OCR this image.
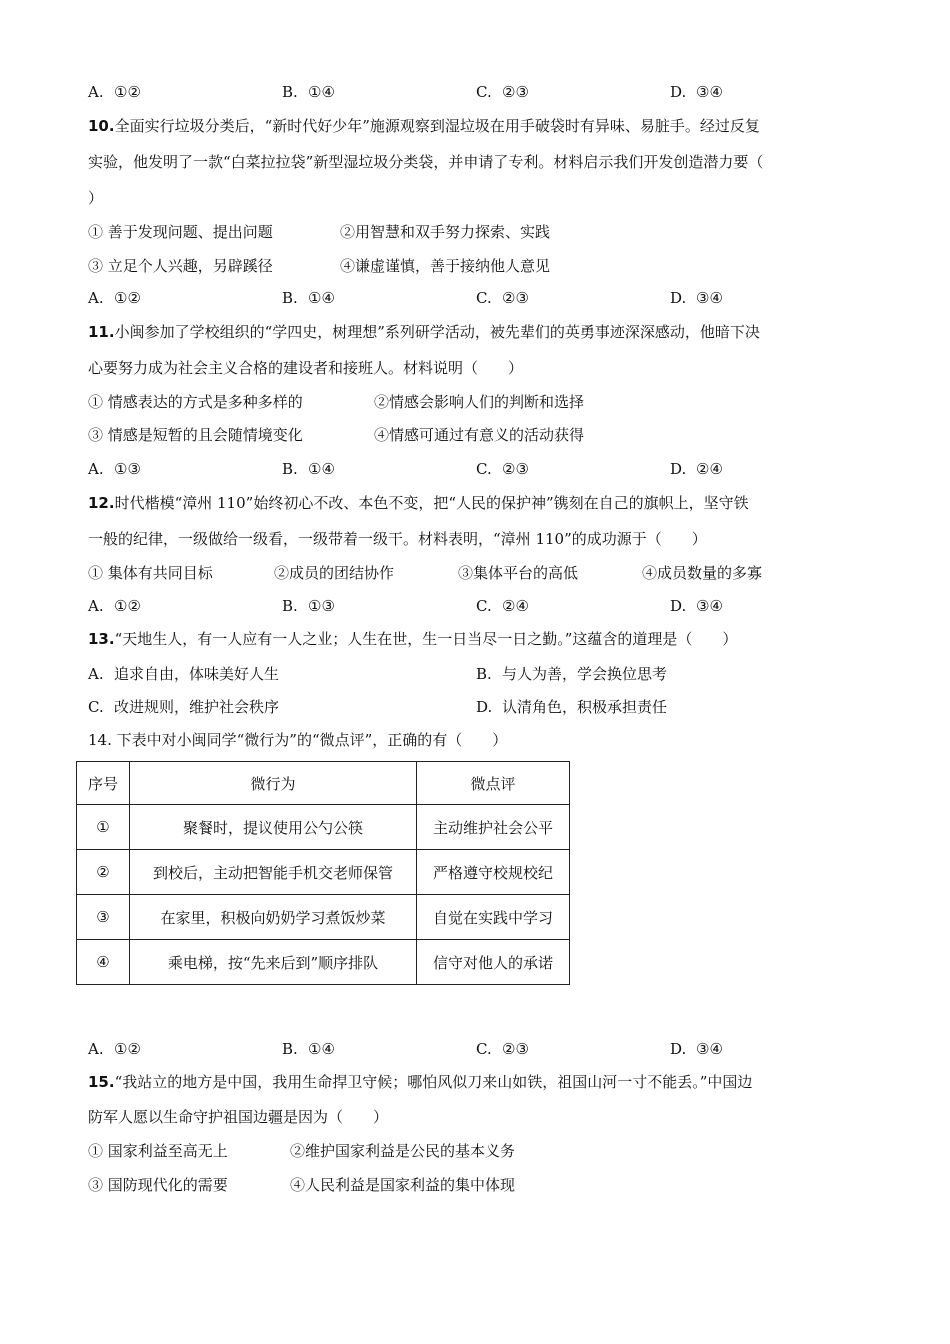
A. ①②	B. ①④	C. ②③	D. ③④
10.全面实行垃圾分类后，“新时代好少年”施源观察到湿垃圾在用手破袋时有异味、易脏手。经过反复
实验，他发明了一款“白菜拉拉袋”新型湿垃圾分类袋，并申请了专利。材料启示我们开发创造潜力要（
）
① 善于发现问题、提出问题	②用智慧和双手努力探索、实践
③ 立足个人兴趣，另辟蹊径	④谦虚谨慎，善于接纳他人意见
A. ①②	B. ①④	C. ②③	D. ③④
11.小闽参加了学校组织的“学四史，树理想”系列研学活动，被先辈们的英勇事迹深深感动，他暗下决
心要努力成为社会主义合格的建设者和接班人。材料说明（　　）
① 情感表达的方式是多种多样的	②情感会影响人们的判断和选择
③ 情感是短暂的且会随情境变化	④情感可通过有意义的活动获得
A. ①③	B. ①④	C. ②③	D. ②④
12.时代楷模“漳州 110”始终初心不改、本色不变，把“人民的保护神”镌刻在自己的旗帜上，坚守铁
一般的纪律，一级做给一级看，一级带着一级干。材料表明，“漳州 110”的成功源于（　　）
① 集体有共同目标	②成员的团结协作	③集体平台的高低	④成员数量的多寡
A. ①②	B. ①③	C. ②④	D. ③④
13.“天地生人，有一人应有一人之业；人生在世，生一日当尽一日之勤。”这蕴含的道理是（　　）
A. 追求自由，体味美好人生	B. 与人为善，学会换位思考
C. 改进规则，维护社会秩序	D. 认清角色，积极承担责任
14. 下表中对小闽同学“微行为”的“微点评”，正确的有（　　）
序号	微行为	微点评
①	聚餐时，提议使用公勺公筷	主动维护社会公平
②	到校后，主动把智能手机交老师保管	严格遵守校规校纪
③	在家里，积极向奶奶学习煮饭炒菜	自觉在实践中学习
④	乘电梯，按“先来后到”顺序排队	信守对他人的承诺
A. ①②	B. ①④	C. ②③	D. ③④
15.“我站立的地方是中国，我用生命捍卫守候；哪怕风似刀来山如铁，祖国山河一寸不能丢。”中国边
防军人愿以生命守护祖国边疆是因为（　　）
① 国家利益至高无上	②维护国家利益是公民的基本义务
③ 国防现代化的需要	④人民利益是国家利益的集中体现
